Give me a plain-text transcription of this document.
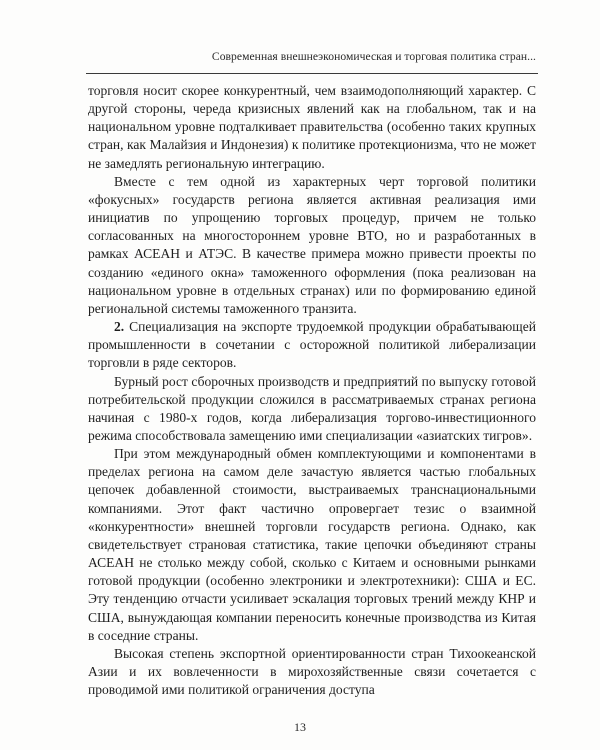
Современная внешнеэкономическая и торговая политика стран...

торговля носит скорее конкурентный, чем взаимодополняющий характер. С другой стороны, череда кризисных явлений как на глобальном, так и на национальном уровне подталкивает правительства (особенно таких крупных стран, как Малайзия и Индонезия) к политике протекционизма, что не может не замедлять региональную интеграцию.

Вместе с тем одной из характерных черт торговой политики «фокусных» государств региона является активная реализация ими инициатив по упрощению торговых процедур, причем не только согласованных на многостороннем уровне ВТО, но и разработанных в рамках АСЕАН и АТЭС. В качестве примера можно привести проекты по созданию «единого окна» таможенного оформления (пока реализован на национальном уровне в отдельных странах) или по формированию единой региональной системы таможенного транзита.

2. Специализация на экспорте трудоемкой продукции обрабатывающей промышленности в сочетании с осторожной политикой либерализации торговли в ряде секторов.

Бурный рост сборочных производств и предприятий по выпуску готовой потребительской продукции сложился в рассматриваемых странах региона начиная с 1980-х годов, когда либерализация торгово-инвестиционного режима способствовала замещению ими специализации «азиатских тигров».

При этом международный обмен комплектующими и компонентами в пределах региона на самом деле зачастую является частью глобальных цепочек добавленной стоимости, выстраиваемых транснациональными компаниями. Этот факт частично опровергает тезис о взаимной «конкурентности» внешней торговли государств региона. Однако, как свидетельствует страновая статистика, такие цепочки объединяют страны АСЕАН не столько между собой, сколько с Китаем и основными рынками готовой продукции (особенно электроники и электротехники): США и ЕС. Эту тенденцию отчасти усиливает эскалация торговых трений между КНР и США, вынуждающая компании переносить конечные производства из Китая в соседние страны.

Высокая степень экспортной ориентированности стран Тихоокеанской Азии и их вовлеченности в мирохозяйственные связи сочетается с проводимой ими политикой ограничения доступа

13
